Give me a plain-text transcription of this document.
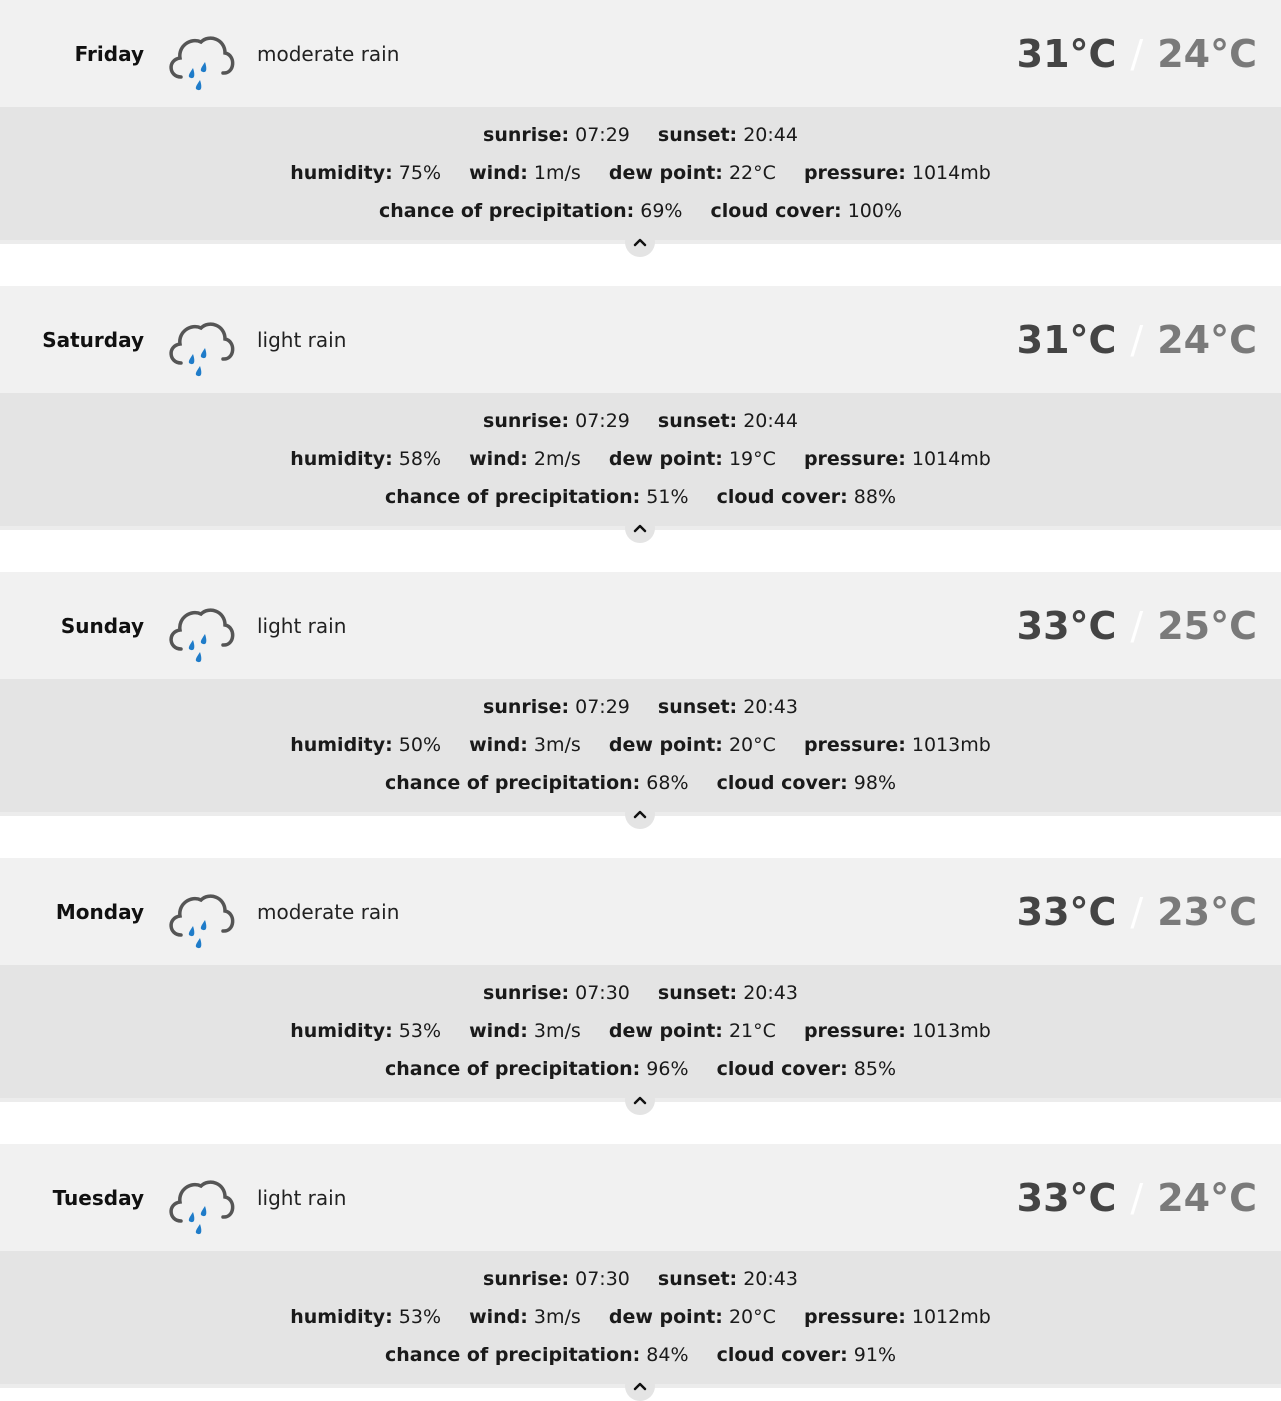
Friday	moderate rain	31°C / 24°C
sunrise: 07:29 sunset: 20:44
humidity: 75% wind: 1m/s dew point: 22°C pressure: 1014mb
chance of precipitation: 69% cloud cover: 100%
Saturday	light rain	31°C / 24°C
sunrise: 07:29 sunset: 20:44
humidity: 58% wind: 2m/s dew point: 19°C pressure: 1014mb
chance of precipitation: 51% cloud cover: 88%
Sunday	light rain	33°C / 25°C
sunrise: 07:29 sunset: 20:43
humidity: 50% wind: 3m/s dew point: 20°C pressure: 1013mb
chance of precipitation: 68% cloud cover: 98%
Monday	moderate rain	33°C / 23°C
sunrise: 07:30 sunset: 20:43
humidity: 53% wind: 3m/s dew point: 21°C pressure: 1013mb
chance of precipitation: 96% cloud cover: 85%
Tuesday	light rain	33°C / 24°C
sunrise: 07:30 sunset: 20:43
humidity: 53% wind: 3m/s dew point: 20°C pressure: 1012mb
chance of precipitation: 84% cloud cover: 91%
